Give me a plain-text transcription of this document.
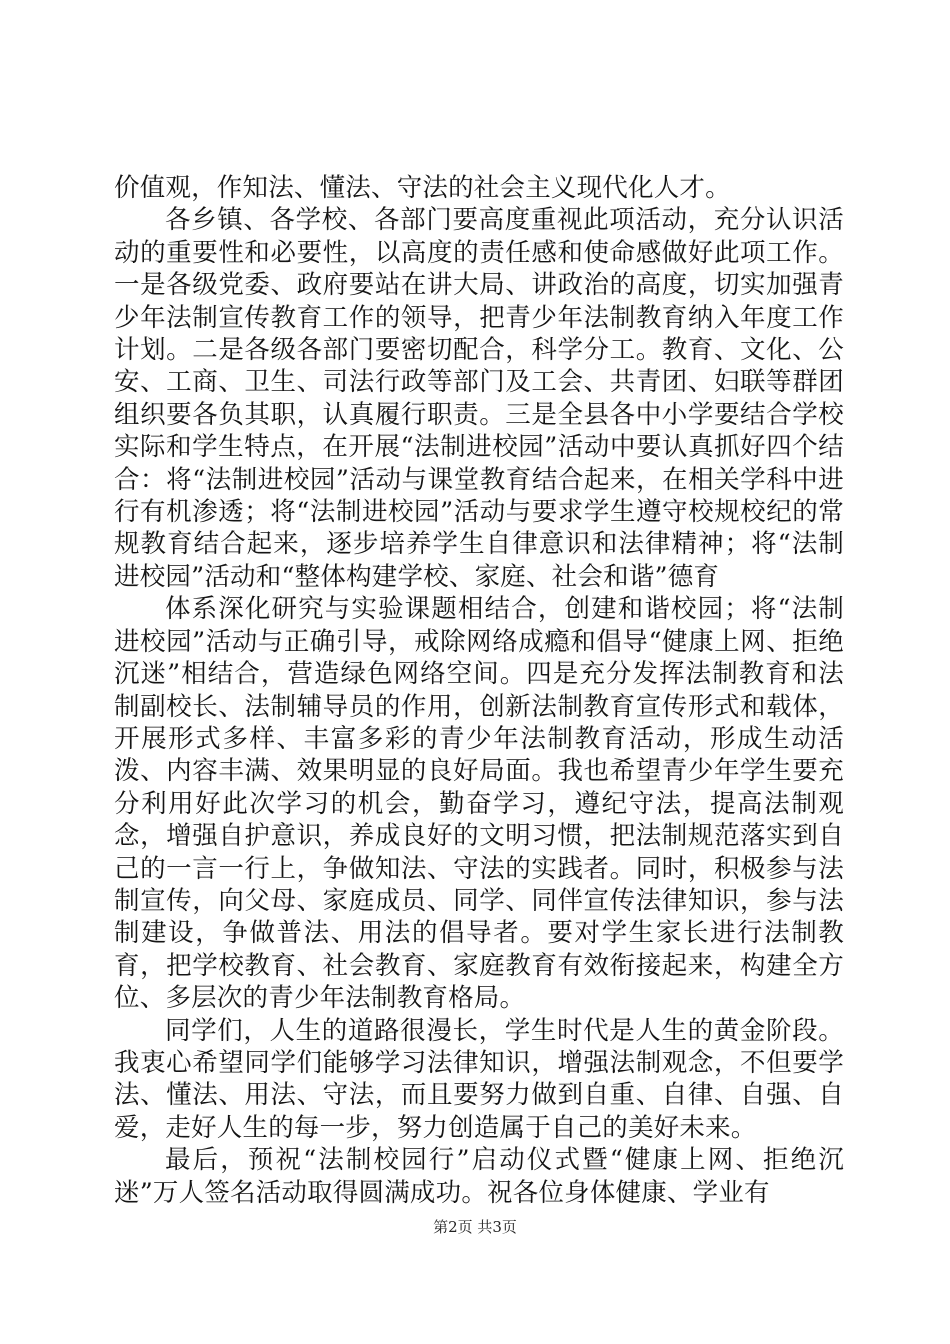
价值观，作知法、懂法、守法的社会主义现代化人才。

各乡镇、各学校、各部门要高度重视此项活动，充分认识活动的重要性和必要性，以高度的责任感和使命感做好此项工作。一是各级党委、政府要站在讲大局、讲政治的高度，切实加强青少年法制宣传教育工作的领导，把青少年法制教育纳入年度工作计划。二是各级各部门要密切配合，科学分工。教育、文化、公安、工商、卫生、司法行政等部门及工会、共青团、妇联等群团组织要各负其职，认真履行职责。三是全县各中小学要结合学校实际和学生特点，在开展“法制进校园”活动中要认真抓好四个结合：将“法制进校园”活动与课堂教育结合起来，在相关学科中进行有机渗透；将“法制进校园”活动与要求学生遵守校规校纪的常规教育结合起来，逐步培养学生自律意识和法律精神；将“法制进校园”活动和“整体构建学校、家庭、社会和谐”德育

体系深化研究与实验课题相结合，创建和谐校园；将“法制进校园”活动与正确引导，戒除网络成瘾和倡导“健康上网、拒绝沉迷”相结合，营造绿色网络空间。四是充分发挥法制教育和法制副校长、法制辅导员的作用，创新法制教育宣传形式和载体，开展形式多样、丰富多彩的青少年法制教育活动，形成生动活泼、内容丰满、效果明显的良好局面。我也希望青少年学生要充分利用好此次学习的机会，勤奋学习，遵纪守法，提高法制观念，增强自护意识，养成良好的文明习惯，把法制规范落实到自己的一言一行上，争做知法、守法的实践者。同时，积极参与法制宣传，向父母、家庭成员、同学、同伴宣传法律知识，参与法制建设，争做普法、用法的倡导者。要对学生家长进行法制教育，把学校教育、社会教育、家庭教育有效衔接起来，构建全方位、多层次的青少年法制教育格局。

同学们，人生的道路很漫长，学生时代是人生的黄金阶段。我衷心希望同学们能够学习法律知识，增强法制观念，不但要学法、懂法、用法、守法，而且要努力做到自重、自律、自强、自爱，走好人生的每一步，努力创造属于自己的美好未来。

最后，预祝“法制校园行”启动仪式暨“健康上网、拒绝沉迷”万人签名活动取得圆满成功。祝各位身体健康、学业有

第2页 共3页
